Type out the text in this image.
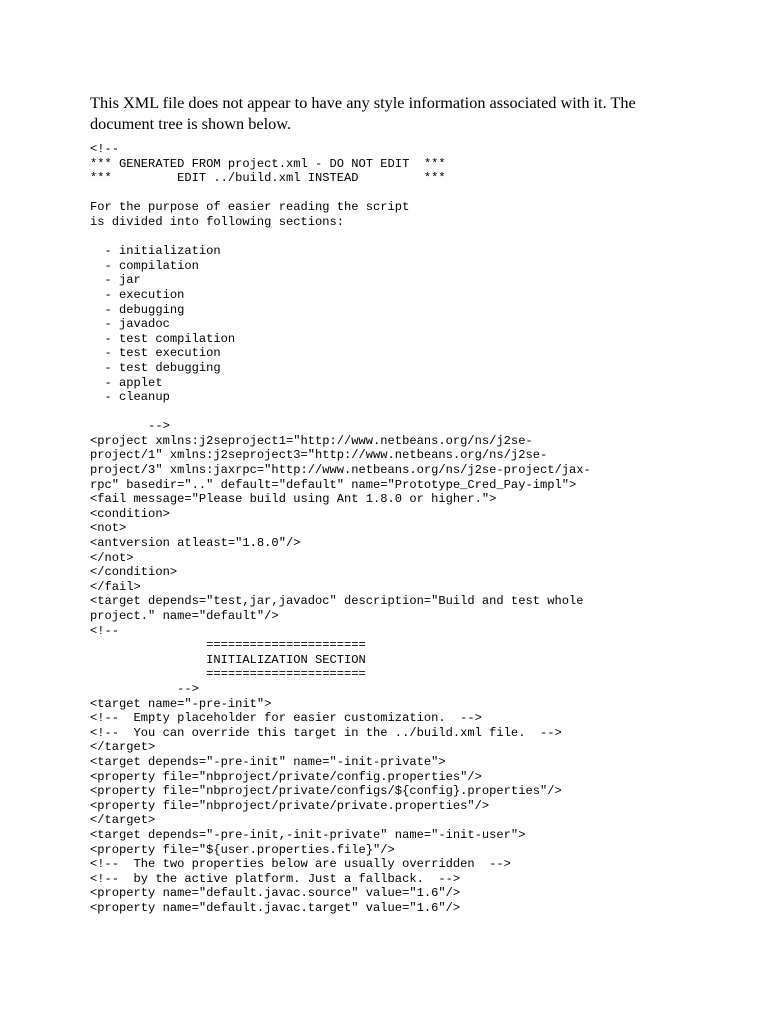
This XML file does not appear to have any style information associated with it. The document tree is shown below.

<!--
*** GENERATED FROM project.xml - DO NOT EDIT  ***
***         EDIT ../build.xml INSTEAD         ***
For the purpose of easier reading the script
is divided into following sections:
- initialization
- compilation
- jar
- execution
- debugging
- javadoc
- test compilation
- test execution
- test debugging
- applet
- cleanup
-->
<project xmlns:j2seproject1="http://www.netbeans.org/ns/j2se-
project/1" xmlns:j2seproject3="http://www.netbeans.org/ns/j2se-
project/3" xmlns:jaxrpc="http://www.netbeans.org/ns/j2se-project/jax-
rpc" basedir=".." default="default" name="Prototype_Cred_Pay-impl">
<fail message="Please build using Ant 1.8.0 or higher.">
<condition>
<not>
<antversion atleast="1.8.0"/>
</not>
</condition>
</fail>
<target depends="test,jar,javadoc" description="Build and test whole
project." name="default"/>
<!--
======================
INITIALIZATION SECTION
======================
-->
<target name="-pre-init">
<!--  Empty placeholder for easier customization.  -->
<!--  You can override this target in the ../build.xml file.  -->
</target>
<target depends="-pre-init" name="-init-private">
<property file="nbproject/private/config.properties"/>
<property file="nbproject/private/configs/${config}.properties"/>
<property file="nbproject/private/private.properties"/>
</target>
<target depends="-pre-init,-init-private" name="-init-user">
<property file="${user.properties.file}"/>
<!--  The two properties below are usually overridden  -->
<!--  by the active platform. Just a fallback.  -->
<property name="default.javac.source" value="1.6"/>
<property name="default.javac.target" value="1.6"/>
